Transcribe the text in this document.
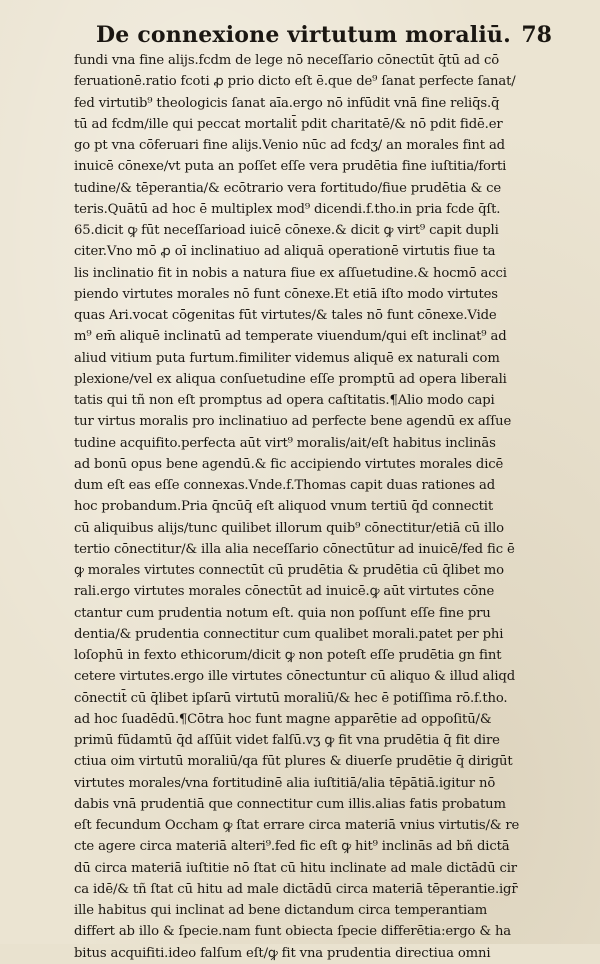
De connexione virtutum moraliū. 78
fundi vna fine alijs.fcdm de lege nō neceſſario cōnectūt q̄tū ad cō
feruationē.ratio fcoti ꝓ prio dicto eſt ē.que de⁹ ſanat perfecte ſanat/
fed virtutib⁹ theologicis ſanat aīa.ergo nō infūdit vnā fine reliq̄s.q̄
tū ad fcdm/ille qui peccat mortalit̄ pdit charitatē/& nō pdit fidē.er
go pt vna cōferuari fine alijs.Venio nūc ad fcdʒ/ an morales fint ad
inuicē cōnexe/vt puta an poſſet eſſe vera prudētia fine iuſtitia/forti
tudine/& tēperantia/& ecōtrario vera fortitudo/fiue prudētia & ce
teris.Quātū ad hoc ē multiplex mod⁹ dicendi.f.tho.in pria fcde q̄ſt.
65.dicit ꝙ fūt neceſſarioad iuicē cōnexe.& dicit ꝙ virt⁹ capit dupli
citer.Vno mō ꝓ oī inclinatiuo ad aliquā operationē virtutis fiue ta
lis inclinatio fit in nobis a natura fiue ex aſſuetudine.& hocmō acci
piendo virtutes morales nō funt cōnexe.Et etiā iſto modo virtutes
quas Ari.vocat cōgenitas fūt virtutes/& tales nō funt cōnexe.Vide
m⁹ em̄ aliquē inclinatū ad temperate viuendum/qui eſt inclinat⁹ ad
aliud vitium puta furtum.fimiliter videmus aliquē ex naturali com
plexione/vel ex aliqua conſuetudine eſſe promptū ad opera liberali
tatis qui tñ non eſt promptus ad opera caſtitatis.¶Alio modo capi
tur virtus moralis pro inclinatiuo ad perfecte bene agendū ex aſſue
tudine acquifito.perfecta aūt virt⁹ moralis/ait/eſt habitus inclinās
ad bonū opus bene agendū.& fic accipiendo virtutes morales dicē
dum eſt eas eſſe connexas.Vnde.f.Thomas capit duas rationes ad
hoc probandum.Pria q̄ncūq̄ eſt aliquod vnum tertiū q̄d connectit
cū aliquibus alijs/tunc quilibet illorum quib⁹ cōnectitur/etiā cū illo
tertio cōnectitur/& illa alia neceſſario cōnectūtur ad inuicē/fed fic ē
ꝙ morales virtutes connectūt cū prudētia & prudētia cū q̄libet mo
rali.ergo virtutes morales cōnectūt ad inuicē.ꝙ aūt virtutes cōne
ctantur cum prudentia notum eſt. quia non poſſunt eſſe fine pru
dentia/& prudentia connectitur cum qualibet morali.patet per phi
loſophū in fexto ethicorum/dicit ꝙ non poteſt eſſe prudētia gn fint
cetere virtutes.ergo ille virtutes cōnectuntur cū aliquo & illud aliqd
cōnectit̄ cū q̄libet ipſarū virtutū moraliū/& hec ē potiſſima rō.f.tho.
ad hoc ſuadēdū.¶Cōtra hoc funt magne apparētie ad oppoſitū/&
primū fūdamtū q̄d aſſūit videt falſū.vʒ ꝙ fit vna prudētia q̄ fit dire
ctiua oim virtutū moraliū/qa fūt plures & diuerſe prudētie q̄ dirigūt
virtutes morales/vna fortitudinē alia iuſtitiā/alia tēpātiā.igitur nō
dabis vnā prudentiā que connectitur cum illis.alias fatis probatum
eſt fecundum Occham ꝙ ſtat errare circa materiā vnius virtutis/& re
cte agere circa materiā alteri⁹.fed fic eſt ꝙ hit⁹ inclinās ad bñ dictā
dū circa materiā iuſtitie nō ſtat cū hitu inclinate ad male dictādū cir
ca idē/& tñ ſtat cū hitu ad male dictādū circa materiā tēperantie.igr̄
ille habitus qui inclinat ad bene dictandum circa temperantiam
differt ab illo & ſpecie.nam funt obiecta ſpecie differētia:ergo & ha
bitus acquifiti.ideo falſum eſt/ꝙ fit vna prudentia directiua omni
